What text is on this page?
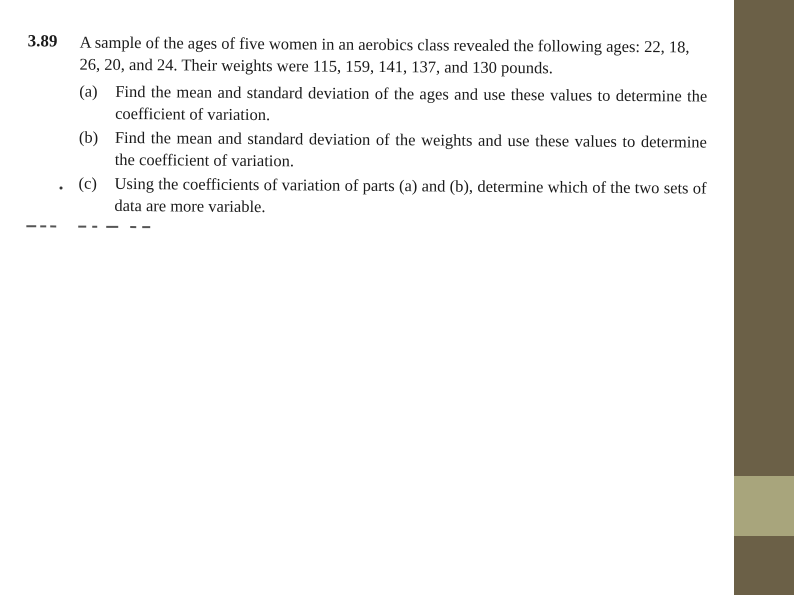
3.89 A sample of the ages of five women in an aerobics class revealed the following ages: 22, 18, 26, 20, and 24. Their weights were 115, 159, 141, 137, and 130 pounds.
(a)	Find the mean and standard deviation of the ages and use these values to determine the coefficient of variation.
(b)	Find the mean and standard deviation of the weights and use these values to determine the coefficient of variation.
(c)	Using the coefficients of variation of parts (a) and (b), determine which of the two sets of data are more variable.
